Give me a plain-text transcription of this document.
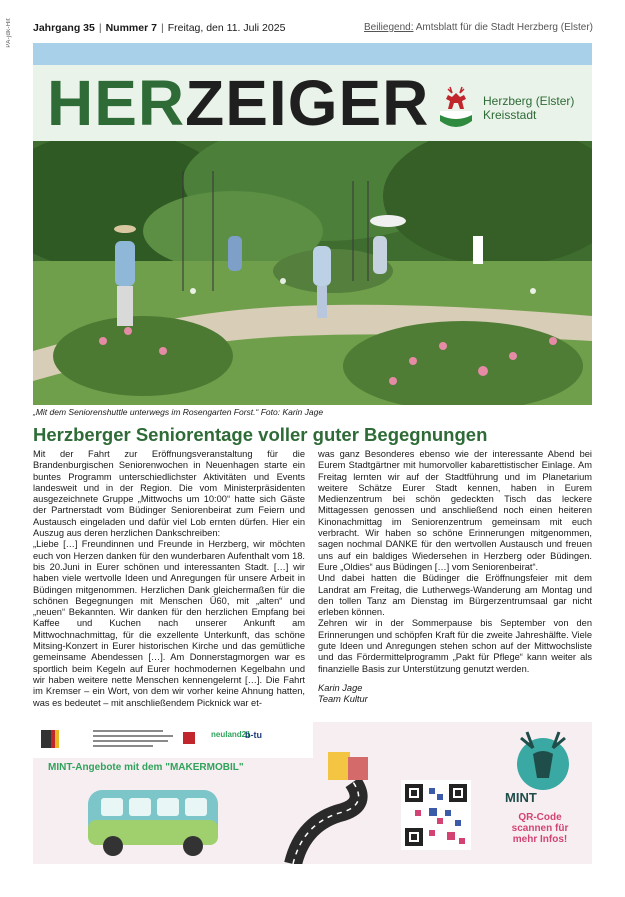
PA-jdk-Hit Jahrgang 35 | Nummer 7 | Freitag, den 11. Juli 2025	Beiliegend: Amtsblatt für die Stadt Herzberg (Elster)
HERZEIGER	Herzberg (Elster)
Kreisstadt
„Mit dem Seniorenshuttle unterwegs im Rosengarten Forst.“ Foto: Karin Jage
Herzberger Seniorentage voller guter Begegnungen

Mit der Fahrt zur Eröffnungsveranstaltung für die Brandenburgischen Seniorenwochen in Neuenhagen starte ein buntes Programm unterschiedlichster Aktivitäten und Events landesweit und in der Region. Die vom Ministerpräsidenten ausgezeichnete Gruppe „Mittwochs um 10:00“ hatte sich Gäste der Partnerstadt vom Büdinger Seniorenbeirat zum Feiern und Austausch eingeladen und dafür viel Lob ernten dürfen. Hier ein Auszug aus deren herzlichen Dankschreiben:

„Liebe […] Freundinnen und Freunde in Herzberg, wir möchten euch von Herzen danken für den wunderbaren Aufenthalt vom 18. bis 20.Juni in Eurer schönen und interessanten Stadt. […] wir haben viele wertvolle Ideen und Anregungen für unsere Arbeit in Büdingen mitgenommen. Herzlichen Dank gleichermaßen für die schönen Begegnungen mit Menschen Ü60, mit „alten“ und „neuen“ Bekannten. Wir danken für den herzlichen Empfang bei Kaffee und Kuchen nach unserer Ankunft am Mittwochnachmittag, für die exzellente Unterkunft, das schöne Mitsing-Konzert in Eurer historischen Kirche und das gemütliche gemeinsame Abendessen […]. Am Donnerstagmorgen war es sportlich beim Kegeln auf Eurer hochmodernen Kegelbahn und wir haben weitere nette Menschen kennengelernt […]. Die Fahrt im Kremser – ein Wort, von dem wir vorher keine Ahnung hatten, was es bedeutet – mit anschließendem Picknick war et-

was ganz Besonderes ebenso wie der interessante Abend bei Eurem Stadtgärtner mit humorvoller kabarettistischer Einlage. Am Freitag lernten wir auf der Stadtführung und im Planetarium weitere Schätze Eurer Stadt kennen, haben in Eurem Medienzentrum bei schön gedeckten Tisch das leckere Mittagessen genossen und anschließend noch einen heiteren Kinonachmittag im Seniorenzentrum gemeinsam mit euch verbracht. Wir haben so schöne Erinnerungen mitgenommen, sagen nochmal DANKE für den wertvollen Austausch und freuen uns auf ein baldiges Wiedersehen in Herzberg oder Büdingen. Eure „Oldies“ aus Büdingen […] vom Seniorenbeirat“.

Und dabei hatten die Büdinger die Eröffnungsfeier mit dem Landrat am Freitag, die Lutherwegs-Wanderung am Montag und den tollen Tanz am Dienstag im Bürgerzentrumsaal gar nicht erleben können.

Zehren wir in der Sommerpause bis September von den Erinnerungen und schöpfen Kraft für die zweite Jahreshälfte. Viele gute Ideen und Anregungen stehen schon auf der Mittwochsliste und das Fördermittelprogramm „Pakt für Pflege“ kann weiter als finanzielle Basis zur Unterstützung genutzt werden.

Karin Jage

Team Kultur

neuland21
b-tu
MINT-Angebote mit dem "MAKERMOBIL"
MINT
QR-Code
scannen für
mehr Infos!
